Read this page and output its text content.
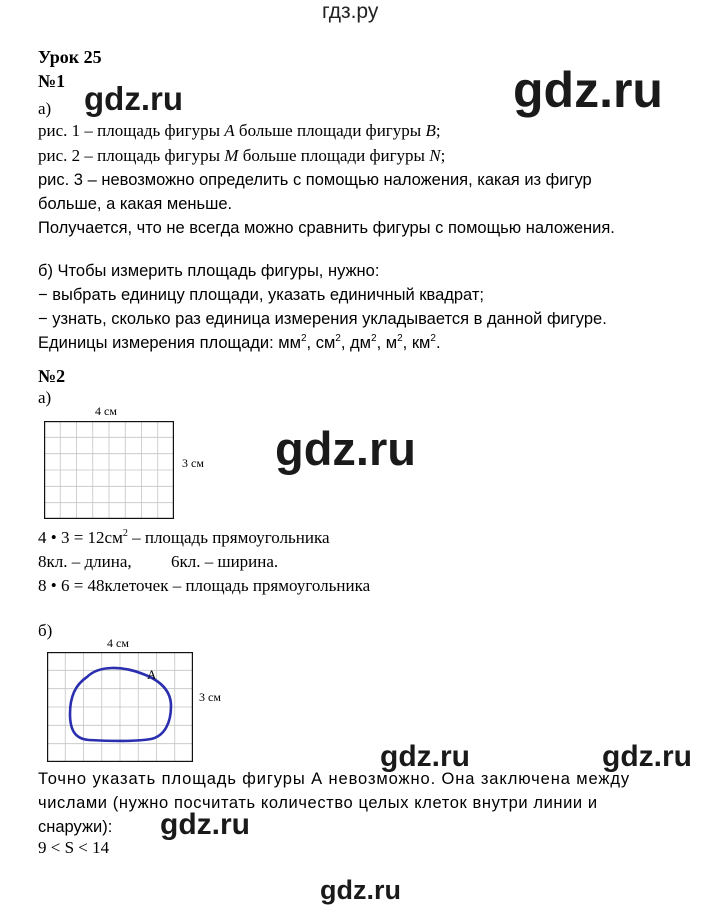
гдз.ру
gdz.ru
gdz.ru
gdz.ru
gdz.ru	gdz.ru
gdz.ru
gdz.ru
Урок 25
№1
а)
рис. 1 – площадь фигуры A больше площади фигуры B;
рис. 2 – площадь фигуры M больше площади фигуры N;
рис. 3 – невозможно определить с помощью наложения, какая из фигур
больше, а какая меньше.
Получается, что не всегда можно сравнить фигуры с помощью наложения.
б) Чтобы измерить площадь фигуры, нужно:
− выбрать единицу площади, указать единичный квадрат;
− узнать, сколько раз единица измерения укладывается в данной фигуре.
Единицы измерения площади: $мм^2$, $см^2$, $дм^2$, $м^2$, $км^2$.
№2
а)
4 см
3 см
4 • $3 = 12см^2$ – площадь прямоугольника
8кл. – длина, 6кл. – ширина.
8 • 6 = 48клеточек – площадь прямоугольника
б)
4 см
A
3 см
Точно указать площадь фигуры А невозможно. Она заключена между
числами (нужно посчитать количество целых клеток внутри линии и
снаружи):
9 < S < 14
